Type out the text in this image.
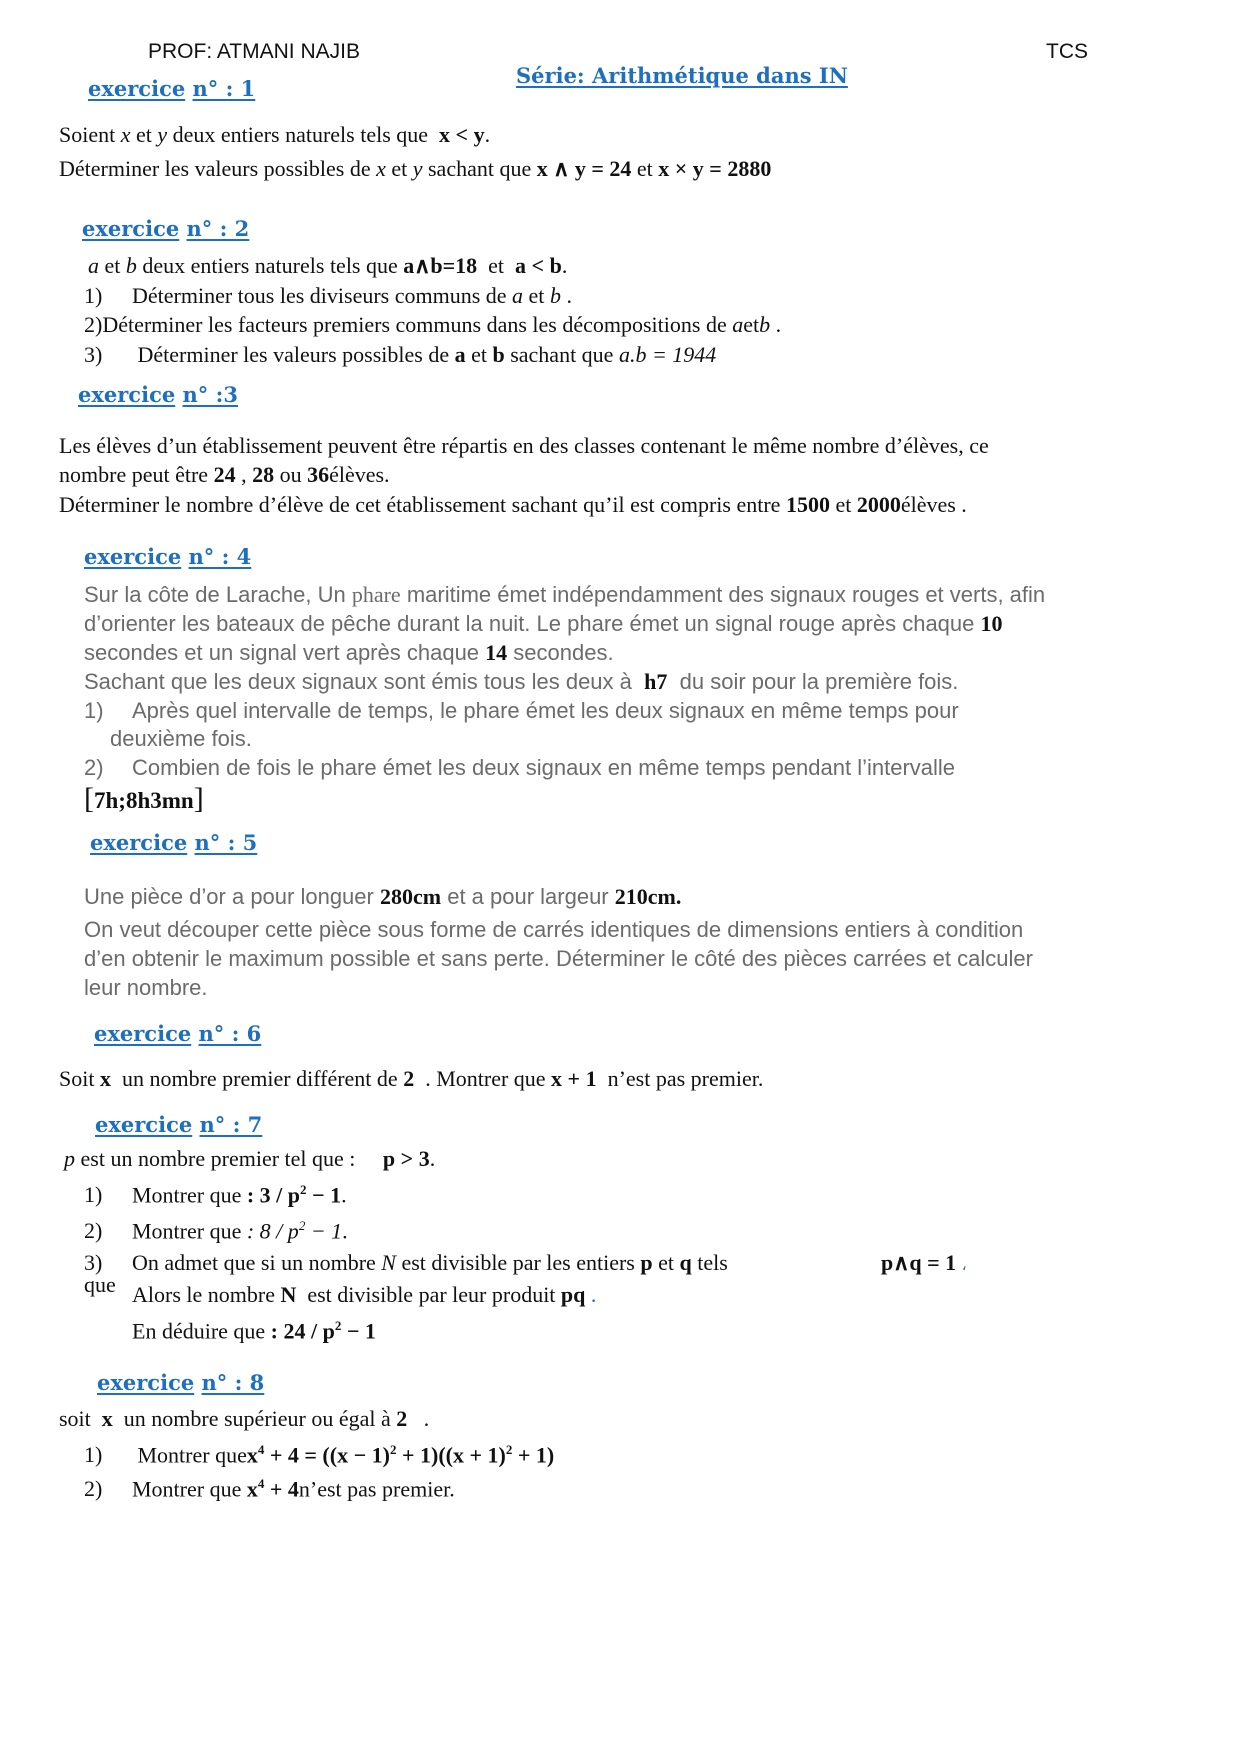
PROF: ATMANI NAJIB	TCS
Série: Arithmétique dans IN
exercice n° : 1
Soient x et y deux entiers naturels tels que x < y.
Déterminer les valeurs possibles de x et y sachant que x ∧ y = 24 et x × y = 2880
exercice n° : 2
a et b deux entiers naturels tels que a∧b=18 et a < b.
1) Déterminer tous les diviseurs communs de a et b .
2)Déterminer les facteurs premiers communs dans les décompositions de aetb .
3) Déterminer les valeurs possibles de a et b sachant que a.b = 1944
exercice n° :3
Les élèves d’un établissement peuvent être répartis en des classes contenant le même nombre d’élèves, ce
nombre peut être 24 , 28 ou 36élèves.
Déterminer le nombre d’élève de cet établissement sachant qu’il est compris entre 1500 et 2000élèves .
exercice n° : 4
Sur la côte de Larache, Un phare maritime émet indépendamment des signaux rouges et verts, afin
d’orienter les bateaux de pêche durant la nuit. Le phare émet un signal rouge après chaque 10
secondes et un signal vert après chaque 14 secondes.
Sachant que les deux signaux sont émis tous les deux à h7 du soir pour la première fois.
1) Après quel intervalle de temps, le phare émet les deux signaux en même temps pour
deuxième fois.
2) Combien de fois le phare émet les deux signaux en même temps pendant l’intervalle
[7h;8h3mn]
exercice n° : 5
Une pièce d’or a pour longuer 280cm et a pour largeur 210cm.
On veut découper cette pièce sous forme de carrés identiques de dimensions entiers à condition
d’en obtenir le maximum possible et sans perte. Déterminer le côté des pièces carrées et calculer
leur nombre.
exercice n° : 6
Soit x un nombre premier différent de 2 . Montrer que x + 1 n’est pas premier.
exercice n° : 7
p est un nombre premier tel que : p > 3.
1) Montrer que : $3 / p^2 - 1$.
2) Montrer que : $8 / p^2 - 1$.
3) On admet que si un nombre N est divisible par les entiers p et q tels	p∧q = 1 ،
que Alors le nombre N est divisible par leur produit pq .
En déduire que : $24 / p^2 - 1$
exercice n° : 8
soit x un nombre supérieur ou égal à 2 .
1) Montrer quex$^4$ + $4 = ((x - 1)^2 + 1)((x + 1)^2 + 1)$
2) Montrer que $x^4$ + 4n’est pas premier.
